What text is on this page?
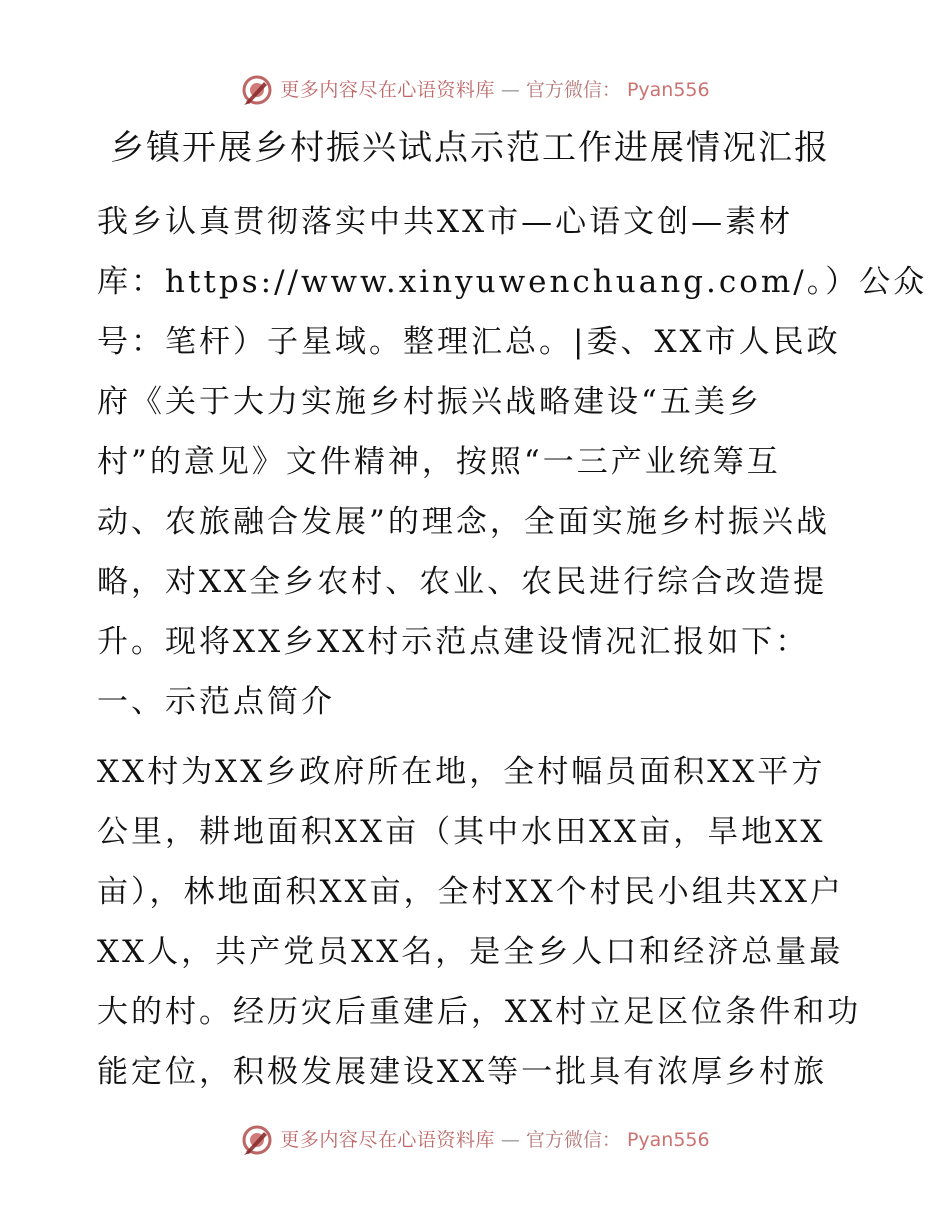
更多内容尽在心语资料库 — 官方微信： Pyan556
乡镇开展乡村振兴试点示范工作进展情况汇报
我乡认真贯彻落实中共XX市—心语文创—素材
库：https://www.xinyuwenchuang.com/。）公众
号：笔杆）子星域。整理汇总。|委、XX市人民政
府《关于大力实施乡村振兴战略建设“五美乡
村”的意见》文件精神，按照“一三产业统筹互
动、农旅融合发展”的理念，全面实施乡村振兴战
略，对XX全乡农村、农业、农民进行综合改造提
升。现将XX乡XX村示范点建设情况汇报如下：
一、示范点简介
XX村为XX乡政府所在地，全村幅员面积XX平方
公里，耕地面积XX亩（其中水田XX亩，旱地XX
亩），林地面积XX亩，全村XX个村民小组共XX户
XX人，共产党员XX名，是全乡人口和经济总量最
大的村。经历灾后重建后，XX村立足区位条件和功
能定位，积极发展建设XX等一批具有浓厚乡村旅
更多内容尽在心语资料库 — 官方微信： Pyan556
